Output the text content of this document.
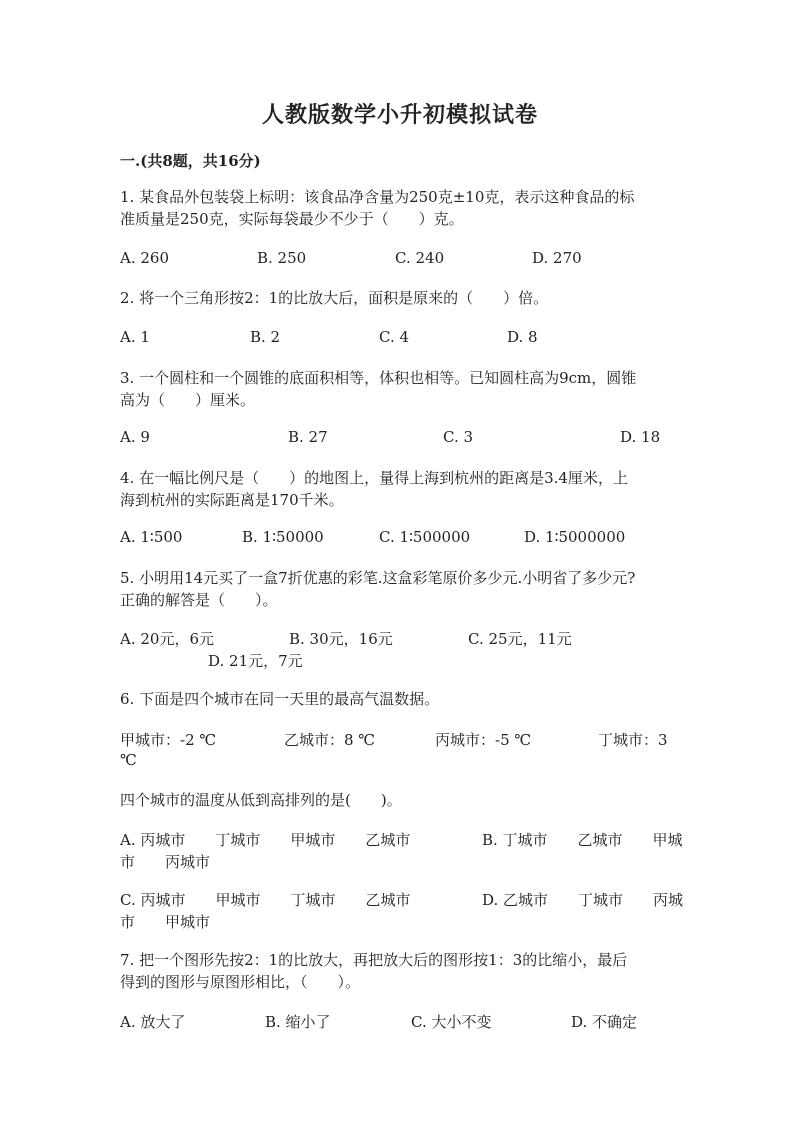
人教版数学小升初模拟试卷
一.(共8题，共16分)
1. 某食品外包装袋上标明：该食品净含量为250克±10克，表示这种食品的标
准质量是250克，实际每袋最少不少于（　　）克。
A. 260	B. 250	C. 240	D. 270
2. 将一个三角形按2：1的比放大后，面积是原来的（　　）倍。
A. 1	B. 2	C. 4	D. 8
3. 一个圆柱和一个圆锥的底面积相等，体积也相等。已知圆柱高为9cm，圆锥
高为（　　）厘米。
A. 9	B. 27	C. 3	D. 18
4. 在一幅比例尺是（　　）的地图上，量得上海到杭州的距离是3.4厘米，上
海到杭州的实际距离是170千米。
A. 1∶500	B. 1∶50000	C. 1∶500000	D. 1∶5000000
5. 小明用14元买了一盒7折优惠的彩笔.这盒彩笔原价多少元.小明省了多少元?
正确的解答是（　　）。
A. 20元，6元	B. 30元，16元	C. 25元，11元
D. 21元，7元
6. 下面是四个城市在同一天里的最高气温数据。
甲城市：-2 ℃	乙城市：8 ℃	丙城市：-5 ℃	丁城市：3
℃
四个城市的温度从低到高排列的是(　　)。
A. 丙城市　　丁城市　　甲城市　　乙城市
市　　丙城市
B. 丁城市　　乙城市　　甲城
C. 丙城市　　甲城市　　丁城市　　乙城市
市　　甲城市
D. 乙城市　　丁城市　　丙城
7. 把一个图形先按2：1的比放大，再把放大后的图形按1：3的比缩小，最后
得到的图形与原图形相比，（　　）。
A. 放大了	B. 缩小了	C. 大小不变	D. 不确定
